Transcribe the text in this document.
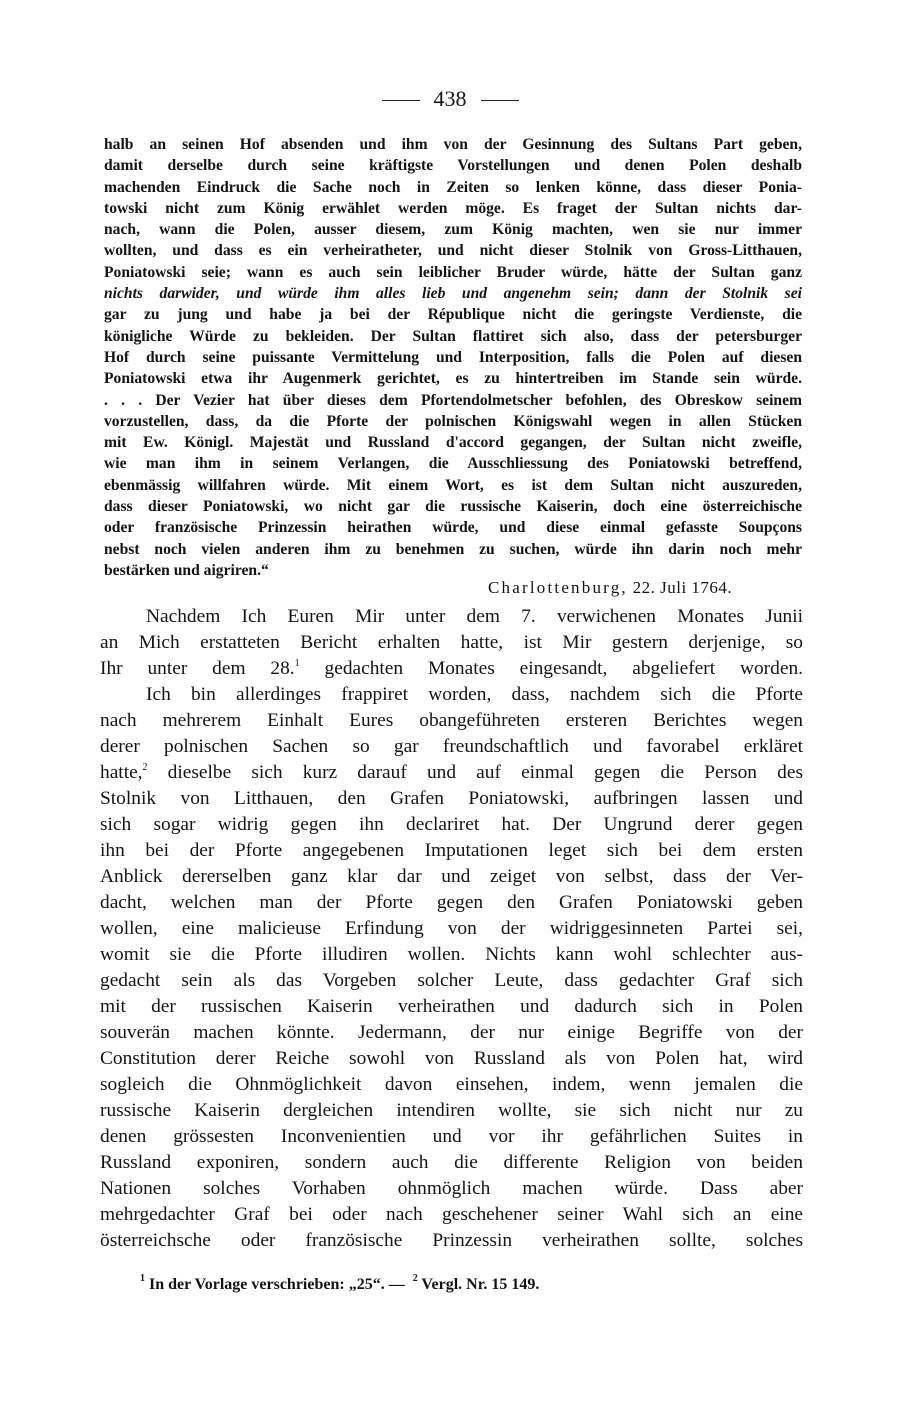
438
halb an seinen Hof absenden und ihm von der Gesinnung des Sultans Part geben,
damit derselbe durch seine kräftigste Vorstellungen und denen Polen deshalb
machenden Eindruck die Sache noch in Zeiten so lenken könne, dass dieser Ponia-
towski nicht zum König erwählet werden möge. Es fraget der Sultan nichts dar-
nach, wann die Polen, ausser diesem, zum König machten, wen sie nur immer
wollten, und dass es ein verheiratheter, und nicht dieser Stolnik von Gross-Litthauen,
Poniatowski seie; wann es auch sein leiblicher Bruder würde, hätte der Sultan ganz
nichts darwider, und würde ihm alles lieb und angenehm sein; dann der Stolnik sei
gar zu jung und habe ja bei der République nicht die geringste Verdienste, die
königliche Würde zu bekleiden. Der Sultan flattiret sich also, dass der petersburger
Hof durch seine puissante Vermittelung und Interposition, falls die Polen auf diesen
Poniatowski etwa ihr Augenmerk gerichtet, es zu hintertreiben im Stande sein würde.
. . . Der Vezier hat über dieses dem Pfortendolmetscher befohlen, des Obreskow seinem
vorzustellen, dass, da die Pforte der polnischen Königswahl wegen in allen Stücken
mit Ew. Königl. Majestät und Russland d'accord gegangen, der Sultan nicht zweifle,
wie man ihm in seinem Verlangen, die Ausschliessung des Poniatowski betreffend,
ebenmässig willfahren würde. Mit einem Wort, es ist dem Sultan nicht auszureden,
dass dieser Poniatowski, wo nicht gar die russische Kaiserin, doch eine österreichische
oder französische Prinzessin heirathen würde, und diese einmal gefasste Soupçons
nebst noch vielen anderen ihm zu benehmen zu suchen, würde ihn darin noch mehr
bestärken und aigriren.“
Charlottenburg, 22. Juli 1764.
Nachdem Ich Euren Mir unter dem 7. verwichenen Monates Junii
an Mich erstatteten Bericht erhalten hatte, ist Mir gestern derjenige, so
Ihr unter dem 28.$^1$ gedachten Monates eingesandt, abgeliefert worden.
Ich bin allerdinges frappiret worden, dass, nachdem sich die Pforte
nach mehrerem Einhalt Eures obangeführeten ersteren Berichtes wegen
derer polnischen Sachen so gar freundschaftlich und favorabel erkläret
hatte,$^2$ dieselbe sich kurz darauf und auf einmal gegen die Person des
Stolnik von Litthauen, den Grafen Poniatowski, aufbringen lassen und
sich sogar widrig gegen ihn declariret hat. Der Ungrund derer gegen
ihn bei der Pforte angegebenen Imputationen leget sich bei dem ersten
Anblick dererselben ganz klar dar und zeiget von selbst, dass der Ver-
dacht, welchen man der Pforte gegen den Grafen Poniatowski geben
wollen, eine malicieuse Erfindung von der widriggesinneten Partei sei,
womit sie die Pforte illudiren wollen. Nichts kann wohl schlechter aus-
gedacht sein als das Vorgeben solcher Leute, dass gedachter Graf sich
mit der russischen Kaiserin verheirathen und dadurch sich in Polen
souverän machen könnte. Jedermann, der nur einige Begriffe von der
Constitution derer Reiche sowohl von Russland als von Polen hat, wird
sogleich die Ohnmöglichkeit davon einsehen, indem, wenn jemalen die
russische Kaiserin dergleichen intendiren wollte, sie sich nicht nur zu
denen grössesten Inconvenientien und vor ihr gefährlichen Suites in
Russland exponiren, sondern auch die differente Religion von beiden
Nationen solches Vorhaben ohnmöglich machen würde. Dass aber
mehrgedachter Graf bei oder nach geschehener seiner Wahl sich an eine
österreichsche oder französische Prinzessin verheirathen sollte, solches
$^1$ In der Vorlage verschrieben: „25“. — $^2$ Vergl. Nr. 15 149.
